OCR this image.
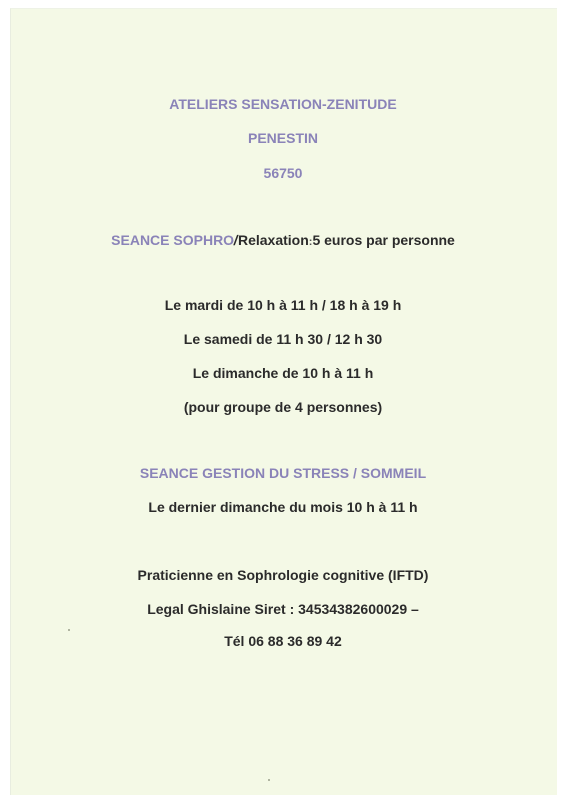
ATELIERS SENSATION-ZENITUDE
PENESTIN
56750
SEANCE SOPHRO/Relaxation:5 euros par personne
Le mardi de 10 h à 11 h / 18 h à 19 h
Le samedi de 11 h 30 / 12 h 30
Le dimanche de 10 h à 11 h
(pour groupe de 4 personnes)
SEANCE GESTION DU STRESS / SOMMEIL
Le dernier dimanche du mois 10 h à 11 h
Praticienne en Sophrologie cognitive (IFTD)
Legal Ghislaine Siret : 34534382600029 –
Tél 06 88 36 89 42
